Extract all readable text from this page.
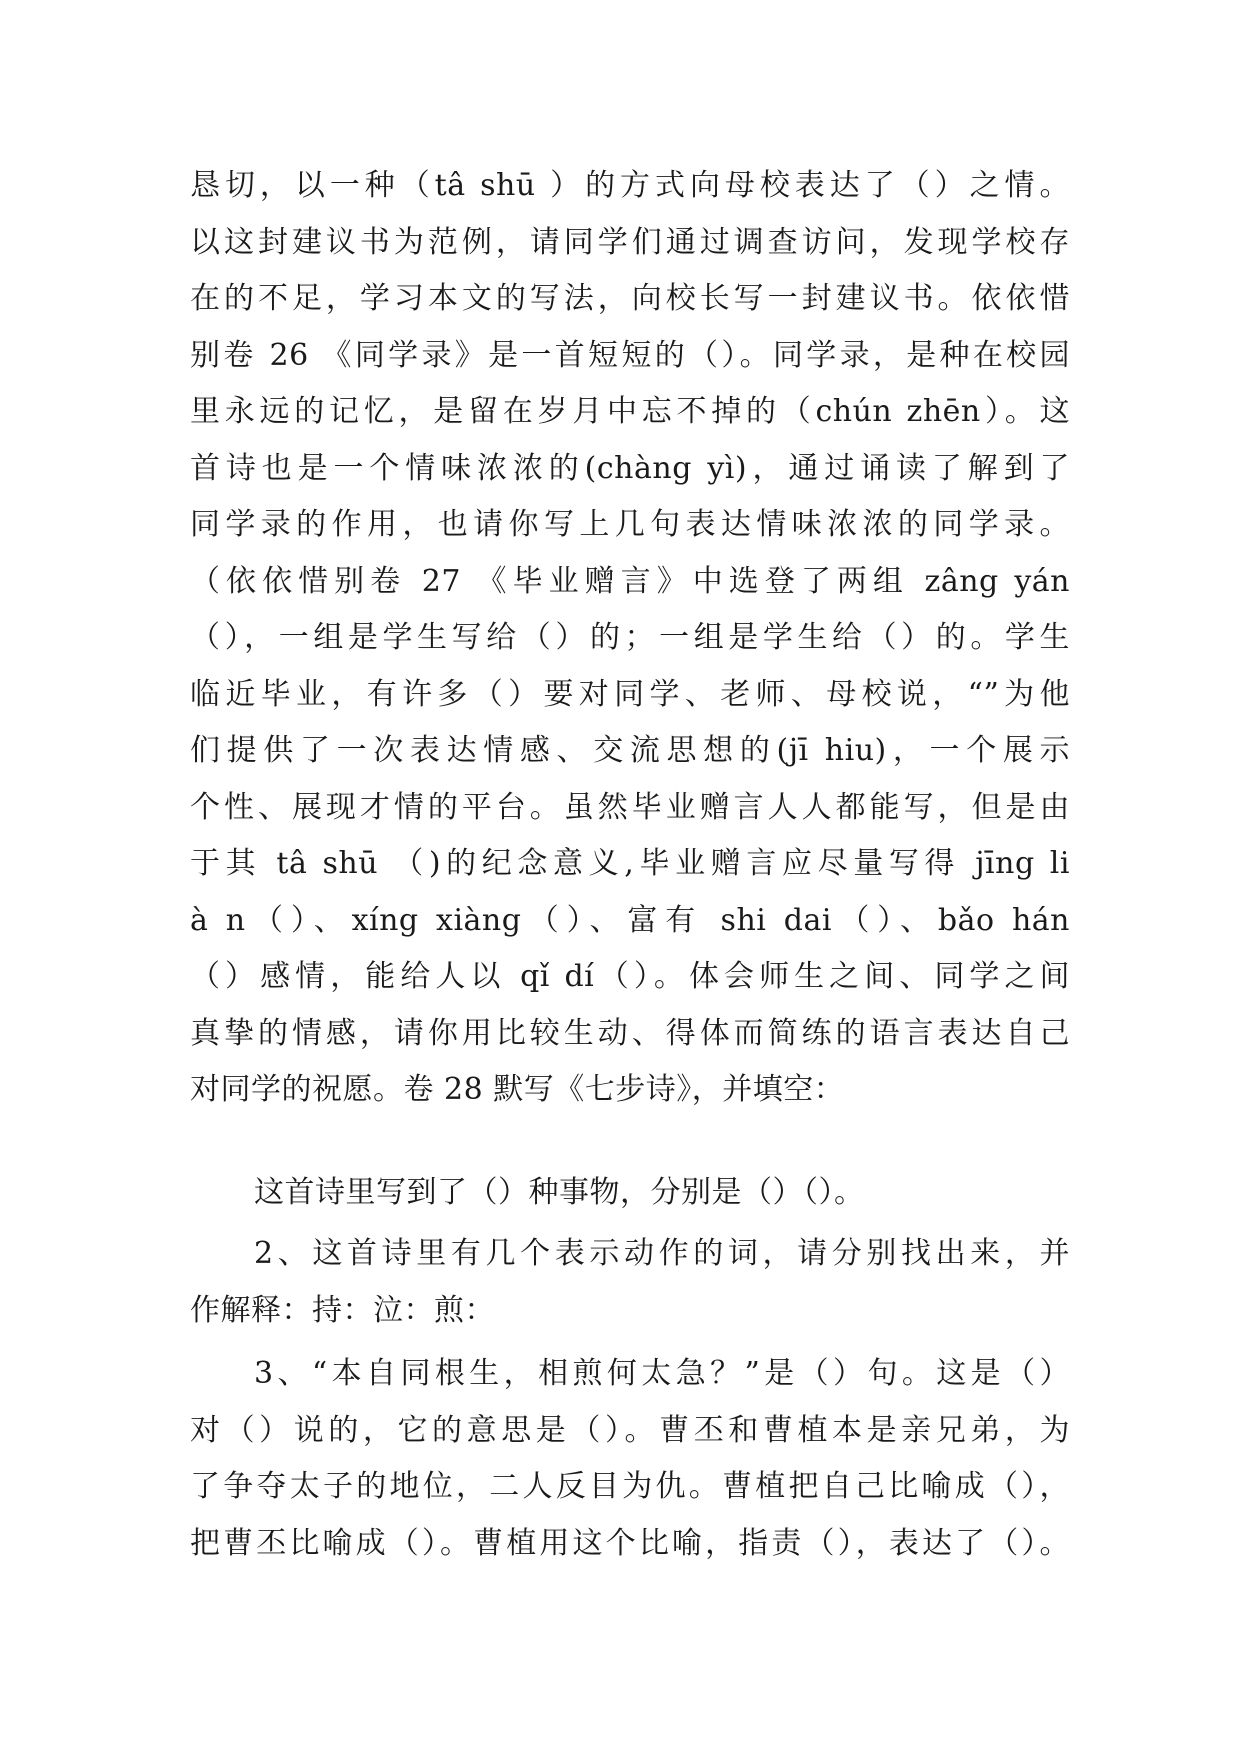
恳切，以一种（tâ shū ）的方式向母校表达了（）之情。
以这封建议书为范例，请同学们通过调查访问，发现学校存
在的不足，学习本文的写法，向校长写一封建议书。依依惜
别卷 26 《同学录》是一首短短的（）。同学录，是种在校园
里永远的记忆，是留在岁月中忘不掉的（chún zhēn）。这
首诗也是一个情味浓浓的(chàng yì)，通过诵读了解到了
同学录的作用，也请你写上几句表达情味浓浓的同学录。
（依依惜别卷 27 《毕业赠言》中选登了两组 zâng yán
（），一组是学生写给（）的；一组是学生给（）的。学生
临近毕业，有许多（）要对同学、老师、母校说，“”为他
们提供了一次表达情感、交流思想的(jī hiu)，一个展示
个性、展现才情的平台。虽然毕业赠言人人都能写，但是由
于其 tâ shū （)的纪念意义,毕业赠言应尽量写得 jīng li
à n（）、xíng xiàng（）、富有 shi dai（）、bǎo hán
（）感情，能给人以 qǐ dí（）。体会师生之间、同学之间
真挚的情感，请你用比较生动、得体而简练的语言表达自己
对同学的祝愿。卷 28 默写《七步诗》，并填空：
这首诗里写到了（）种事物，分别是（）（）。
2、这首诗里有几个表示动作的词，请分别找出来，并
作解释：持：泣：煎：
3、“本自同根生，相煎何太急？”是（）句。这是（）
对（）说的，它的意思是（）。曹丕和曹植本是亲兄弟，为
了争夺太子的地位，二人反目为仇。曹植把自己比喻成（），
把曹丕比喻成（）。曹植用这个比喻，指责（），表达了（）。
